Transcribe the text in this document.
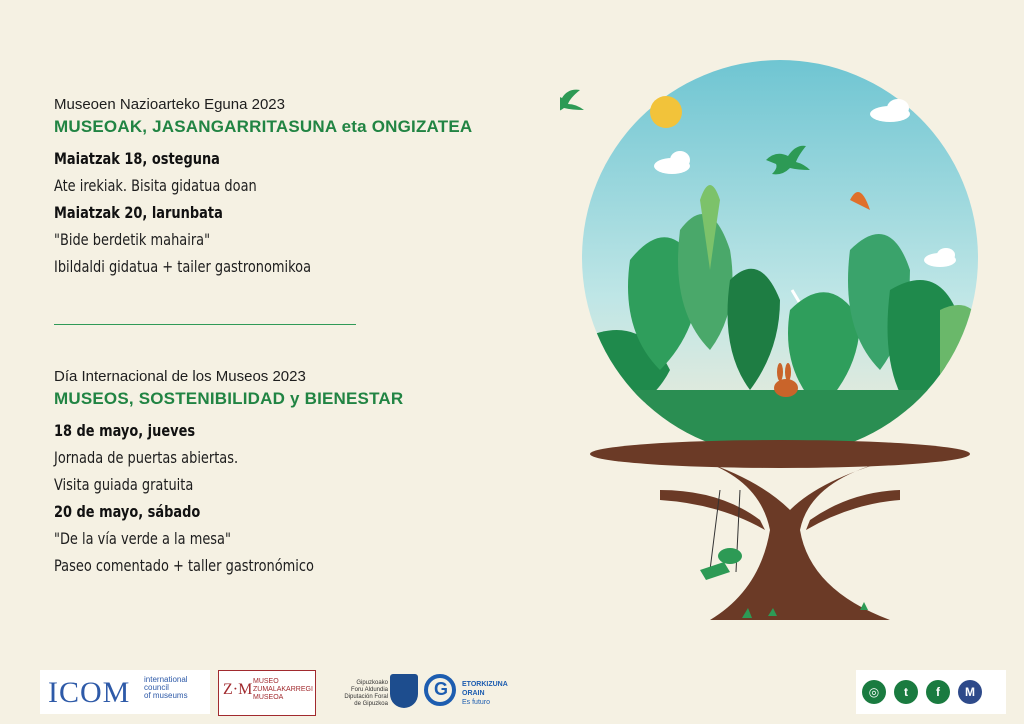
Museoen Nazioarteko Eguna 2023

MUSEOAK, JASANGARRITASUNA eta ONGIZATEA

Maiatzak 18, osteguna

Ate irekiak. Bisita gidatua doan

Maiatzak 20, larunbata

"Bide berdetik mahaira"

Ibildaldi gidatua + tailer gastronomikoa

Día Internacional de los Museos 2023

MUSEOS, SOSTENIBILIDAD y BIENESTAR

18 de mayo, jueves

Jornada de puertas abiertas.

Visita guiada gratuita

20 de mayo, sábado

"De la vía verde a la mesa"

Paseo comentado + taller gastronómico

ICOM international
council
of museums Z·M MUSEO
ZUMALAKARREGI
MUSEOA
Gipuzkoako
Foru Aldundia
Diputación Foral
de Gipuzkoa
G
ETORKIZUNA ORAIN
Es futuro
◎	t	f	M
